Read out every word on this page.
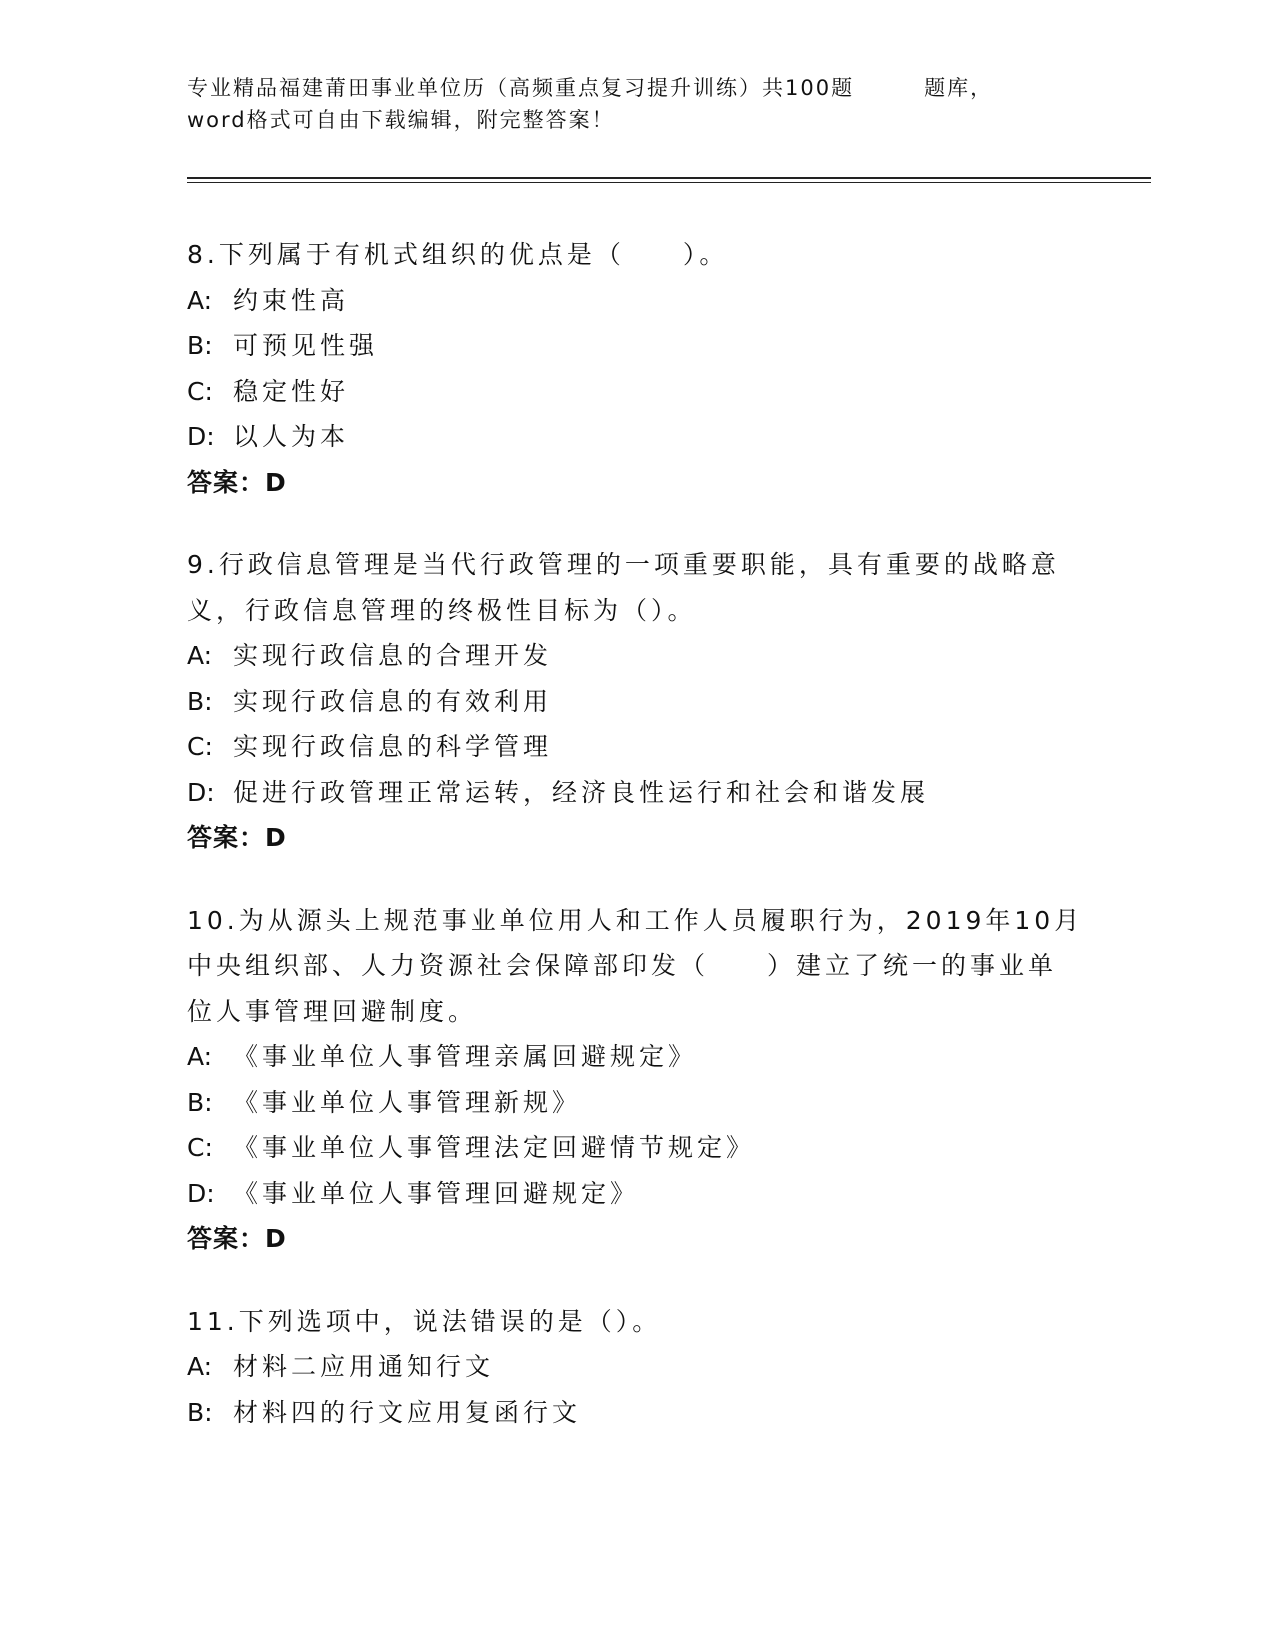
专业精品福建莆田事业单位历（高频重点复习提升训练）共100题	题库，
word格式可自由下载编辑，附完整答案！
8.下列属于有机式组织的优点是（　　）。
A: 约束性高
B: 可预见性强
C: 稳定性好
D: 以人为本
答案：D
9.行政信息管理是当代行政管理的一项重要职能，具有重要的战略意
义，行政信息管理的终极性目标为（）。
A: 实现行政信息的合理开发
B: 实现行政信息的有效利用
C: 实现行政信息的科学管理
D: 促进行政管理正常运转，经济良性运行和社会和谐发展
答案：D
10.为从源头上规范事业单位用人和工作人员履职行为，2019年10月
中央组织部、人力资源社会保障部印发（　　）建立了统一的事业单
位人事管理回避制度。
A: 《事业单位人事管理亲属回避规定》
B: 《事业单位人事管理新规》
C: 《事业单位人事管理法定回避情节规定》
D: 《事业单位人事管理回避规定》
答案：D
11.下列选项中，说法错误的是（）。
A: 材料二应用通知行文
B: 材料四的行文应用复函行文
